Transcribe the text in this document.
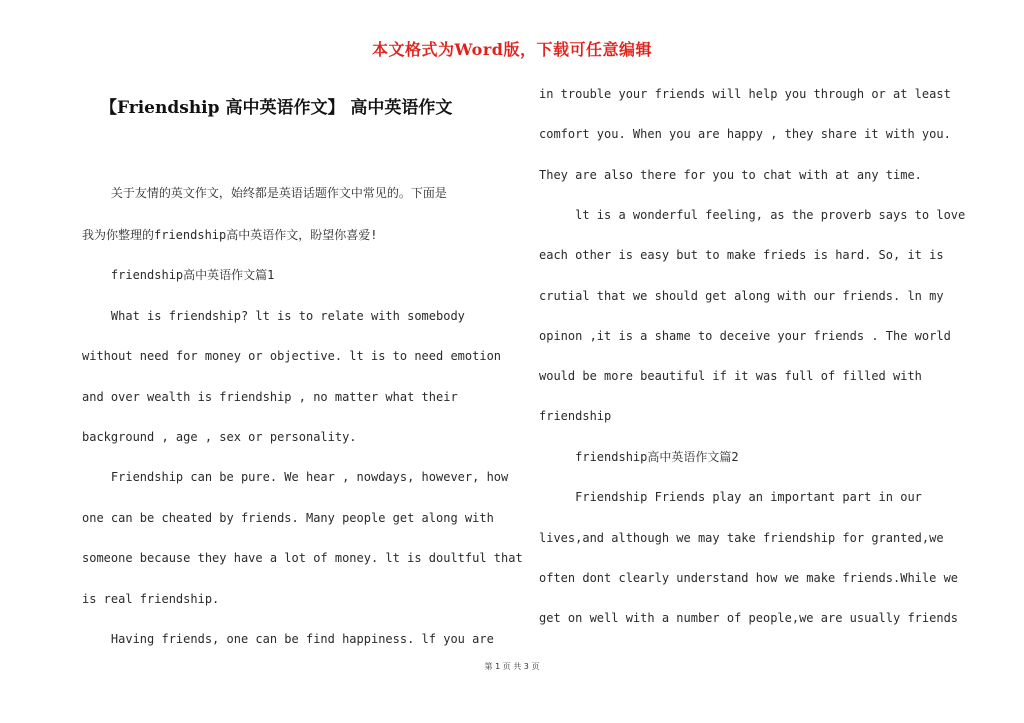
本文格式为Word版，下载可任意编辑
【Friendship 高中英语作文】 高中英语作文
关于友情的英文作文，始终都是英语话题作文中常见的。下面是
我为你整理的friendship高中英语作文，盼望你喜爱!
friendship高中英语作文篇1
What is friendship? lt is to relate with somebody
without need for money or objective. lt is to need emotion
and over wealth is friendship , no matter what their
background , age , sex or personality.
Friendship can be pure. We hear , nowdays, however, how
one can be cheated by friends. Many people get along with
someone because they have a lot of money. lt is doultful that
is real friendship.
Having friends, one can be find happiness. lf you are
in trouble your friends will help you through or at least
comfort you. When you are happy , they share it with you.
They are also there for you to chat with at any time.
lt is a wonderful feeling, as the proverb says to love
each other is easy but to make frieds is hard. So, it is
crutial that we should get along with our friends. ln my
opinon ,it is a shame to deceive your friends . The world
would be more beautiful if it was full of filled with
friendship
friendship高中英语作文篇2
Friendship Friends play an important part in our
lives,and although we may take friendship for granted,we
often dont clearly understand how we make friends.While we
get on well with a number of people,we are usually friends
第 1 页 共 3 页
